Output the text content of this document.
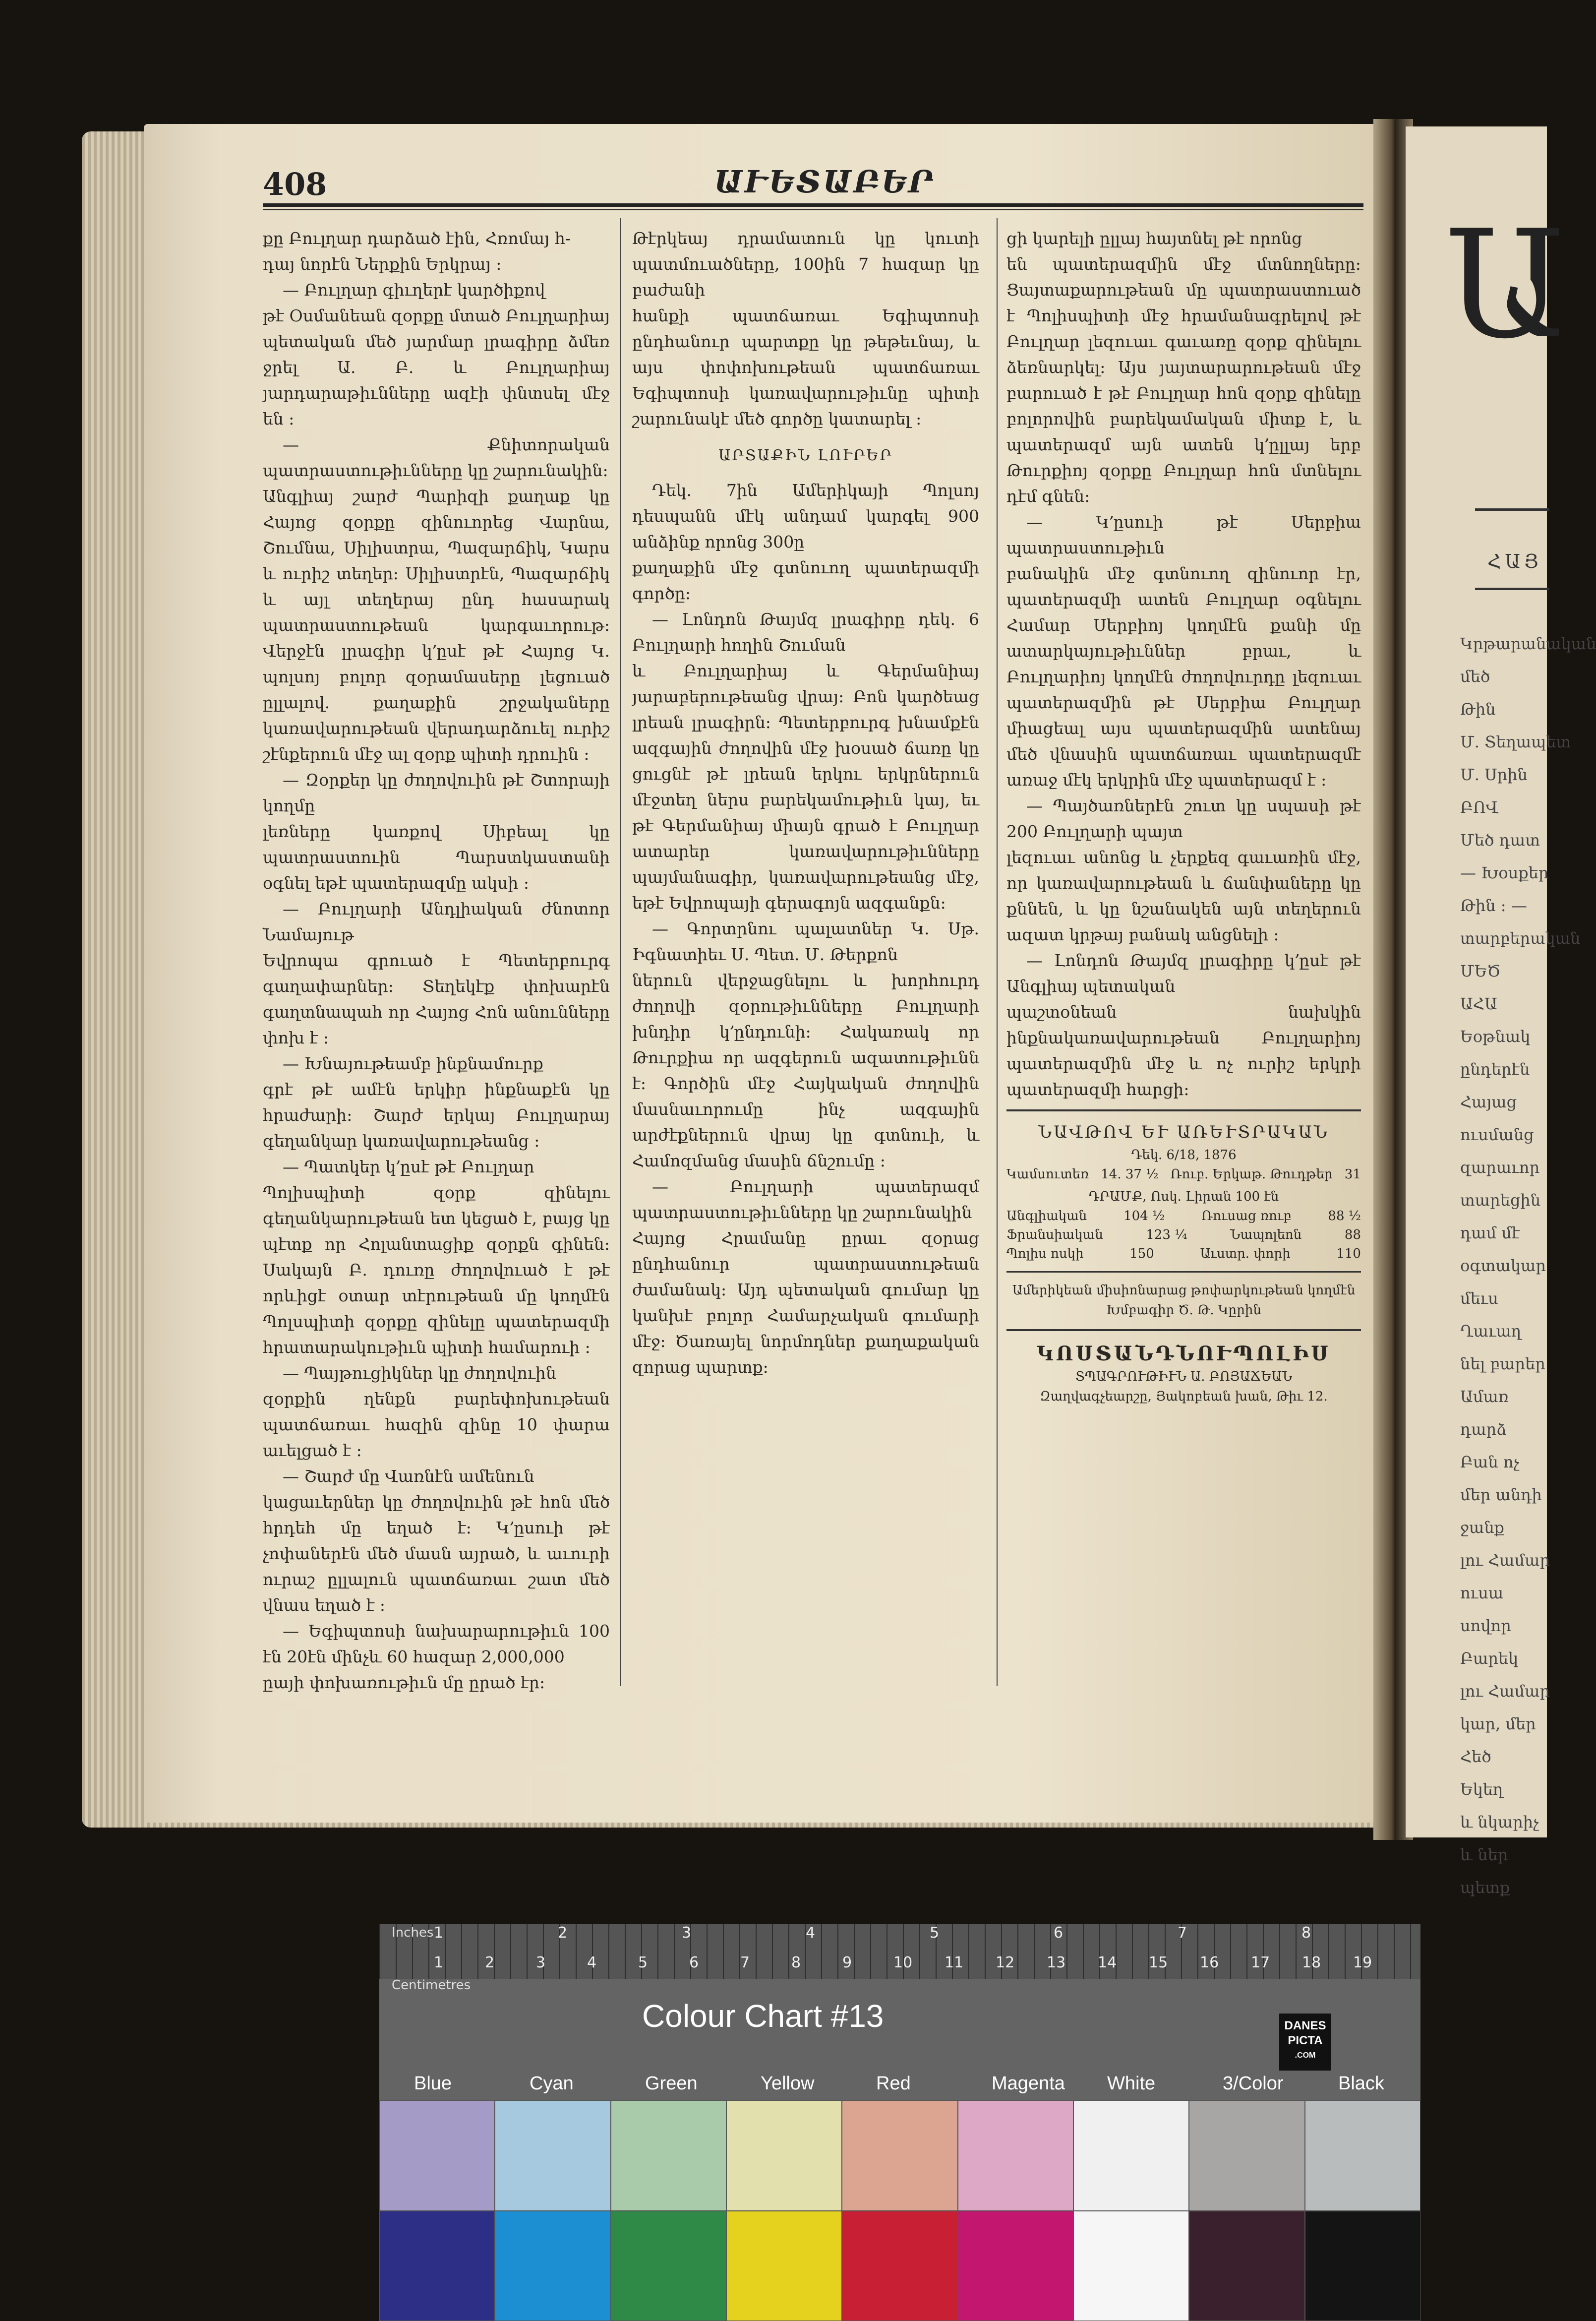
Ա
ՀԱՅ
Կրթարանական
մեծ
Թին
Մ. Տեղապետ
Մ. Սրին
ԲՈՎ
Մեծ դատ
— Խօսքեր
Թին ։ —
տարբերական
ՄԵԾ
ԱՀԱ
Եօթնակ
ընդերէն
Հայաց
ուսմանց
զարաւոր
տարեցին
դամ մէ
օգտակար
մեւս
Ղաւաղ
նել բարեր
Ամառ
դարձ
Բան ոչ
մեր անդի
ջանք
լու Համար
ուսա
սովոր
Բարեկ
լու Համար
կար, մեր
Հեծ
Եկեղ
և նկարիչ
և ներ
պետք
408	ԱՒԵՏԱԲԵՐ

քը Բուլղար դարձած էին, Հռոմայ հ-

դայ նորէն Ներքին Երկրայ ։

— Բուլղար գիւղերէ կարծիքով

թէ Օսմանեան զօրքը մտած Բուլղարիայ պետական մեծ յարմար լրագիրը ձմեռ ջրել Ա. Բ. և Բուլղարիայ յարդարաթիւնները ազէի փնտսել մէջ են ։

— Քնիտորական պատրաստութիւնները կը շարունակին։

Անգլիայ շարժ Պարիզի քաղաք կը Հայոց զօրքը զինուորեց Վարնա, Շումնա, Սիլիստրա, Պազարճիկ, Կարս և ուրիշ տեղեր։ Սիլիստրէն, Պազարճիկ և այլ տեղերայ ընդ հասարակ պատրաստութեան կարգաւորութ։ Վերջէն լրագիր կ՚ըսէ թէ Հայոց Կ. պոլսոյ բոլոր զօրամասերը լեցուած ըլլալով. քաղաքին շրջակաները կառավարութեան վերադարձուել ուրիշ շէնքերուն մէջ ալ զօրք պիտի դրուին ։

— Զօրքեր կը ժողովուին թէ Շտորայի կողմը

լեռները կառքով Սիբեալ կը պատրաստուին Պարստկաստանի օգնել եթէ պատերազմը ակսի ։

— Բուլղարի Անդլիական ժնոտոր Նամայութ

Եվրոպա գրուած է Պետերբուրգ գաղափարներ։ Տեղեկէք փոխարէն գաղտնապահ որ Հայոց Հոն անունները փոխ է ։

— Խնայութեամբ ինքնամուրք

գրէ թէ ամէն երկիր ինքնաքէն կը հրաժարի։ Շարժ երկայ Բուլղարայ գեղանկար կառավարութեանց ։

— Պատկեր կ՚ըսէ թէ Բուլղար

Պոլիսպիտի զօրք զինելու գեղանկարութեան ետ կեցած է, բայց կը պէտք որ Հոլանտացիք զօրքն գինեն։ Սակայն Բ. դուռը ժողովուած է թէ որևիցէ օտար տէրութեան մը կողմէն Պոլսպիտի զօրքը զինելը պատերազմի հրատարակութիւն պիտի համարուի ։

— Պայթուցիկներ կը ժողովուին

զօրքին ղենքն բարեփոխութեան պատճառաւ հազին զինը 10 փարա աւելցած է ։

— Շարժ մը Վառնէն ամենուն

կացաւերներ կը ժողովուին թէ հոն մեծ հրդեհ մը եղած է։ Կ՚ըսուի թէ չոփաներէն մեծ մասն այրած, և աւուրի ուրաշ ըլլալուն պատճառաւ շատ մեծ վնաս եղած է ։

— Եգիպտոսի նախարարութիւն 100 էն 20էն մինչև 60 հազար 2,000,000

ըայի փոխառութիւն մը ըրած էր։

Թէրկեայ դրամատուն կը կուտի պատմուածները, 100ին 7 հազար կը բաժանի

հանքի պատճառաւ Եգիպտոսի ընդհանուր պարտքը կը թեթեւնայ, և այս փոփոխութեան պատճառաւ Եգիպտոսի կառավարութիւնը պիտի շարունակէ մեծ գործը կատարել ։

ԱՐՏԱՔԻՆ ԼՈՒՐԵՐ

Դեկ. 7ին Ամերիկայի Պոլսոյ դեսպանն մէկ անդամ կարգել 900 անձինք որոնց 300ը

քաղաքին մէջ գտնուող պատերազմի գործը։

— Լոնդոն Թայմզ լրագիրը դեկ. 6 Բուլղարի հողին Շուման

և Բուլղարիայ և Գերմանիայ յարաբերութեանց վրայ։ Բոն կարծեաց լրեան լրագիրն։ Պետերբուրգ խնամքէն ազգային ժողովին մէջ խօսած ճառը կը ցուցնէ թէ լրեան երկու երկրներուն մէջտեղ ներս բարեկամութիւն կայ, եւ թէ Գերմանիայ միայն գրած է Բուլղար ատարեր կառավարութիւնները պայմանագիր, կառավարութեանց մէջ, եթէ Եվրոպայի գերագոյն ազգանքն։

— Գորտրնու պալատներ Կ. Սթ. Իգնատիեւ Ս. Պետ. Մ. Թերքոն

ներուն վերջացնելու և խորհուրդ ժողովի զօրութիւնները Բուլղարի խնդիր կ՚ընդունի։ Հակառակ որ Թուրքիա որ ազգերուն ազատութիւնն է։ Գործին մէջ Հայկական ժողովին մասնաւորումը ինչ ազգային արժէքներուն վրայ կը գտնուի, և Համոզմանց մասին ճնշումը ։

— Բուլղարի պատերազմ պատրաստութիւնները կը շարունակին

Հայոց Հրամանը ըրաւ զօրաց ընդհանուր պատրաստութեան ժամանակ։ Այդ պետական գումար կը կանխէ բոլոր Համարչական գումարի մէջ։ Ծառայել նորմոդներ քաղաքական զորաց պարտք։

ցի կարելի ըլլայ հայտնել թէ որոնց

են պատերազմին մէջ մտնողները։ Ցայտաքարութեան մը պատրաստուած է Պոլիսպիտի մէջ հրամանագրելով թէ Բուլղար լեզուաւ գաւառը զօրք զինելու ձեռնարկել։ Այս յայտարարութեան մէջ բարուած է թէ Բուլղար հոն զօրք զինելը բոլորովին բարեկամական միտք է, և պատերազմ այն ատեն կ՚ըլլայ երբ Թուրքիոյ զօրքը Բուլղար հոն մտնելու դէմ գնեն։

— Կ՚ըսուի թէ Սերբիա պատրաստութիւն

բանակին մէջ գտնուող զինուոր էր, պատերազմի ատեն Բուլղար օգնելու Համար Սերբիոյ կողմէն քանի մը ատարկայութիւններ բրաւ, և Բուլղարիոյ կողմէն ժողովուրդը լեզուաւ պատերազմին թէ Սերբիա Բուլղար միացեալ այս պատերազմին ատենայ մեծ վնասին պատճառաւ պատերազմէ առաջ մէկ երկրին մէջ պատերազմ է ։

— Պայծառներէն շուտ կը սպասի թէ 200 Բուլղարի պայտ

լեզուաւ անոնց և չերքեզ գաւառին մէջ, որ կառավարութեան և ճանփաները կը քննեն, և կը նշանակեն այն տեղերուն ազատ կրթայ բանակ անցնելի ։

— Լոնդոն Թայմզ լրագիրը կ՚ըսէ թէ Անգլիայ պետական

պաշտօնեան նախկին ինքնակառավարութեան Բուլղարիոյ պատերազմին մէջ և ոչ ուրիշ երկրի պատերազմի հարցի։

ՆԱՎԹՈՎ ԵՒ ԱՌԵՒՏՐԱԿԱՆ
Դեկ. 6/18, 1876
Կամսուտեռ 14. 37 ½ Ռուբ. Երկաթ. Թուդթեր 31
ԴՐԱՄՔ, Ոսկ. Լիրան 100 էն
Անգլիական	104 ½	Ռուսաց ռուբ	88 ½
Ֆրանսիական	123 ¼	Նապոլեոն	88
Պոլիս ոսկի	150	Աւստր. փորի	110
Ամերիկեան միսիոնարաց թոփարկութեան կողմէն
Խմբագիր Ծ. Թ. Կըրին
ԿՈՍՏԱՆԴՆՈՒՊՈԼԻՍ
ՏՊԱԳՐՈՒԹԻՒՆ Ա. ԲՈՅԱՃԵԱՆ
Զաղվագչեարշը, Յակոբեան խան, Թիւ 12.
Inches
Centimetres
1	2	3	4	5	6	7	8
1	2	3	4	5	6	7	8	9	10 11 12 13 14 15 16 17 18 19
Colour Chart #13	DANES
PICTA
.COM
Blue	Cyan	Green	Yellow	Red	Magenta White	3/Color	Black
